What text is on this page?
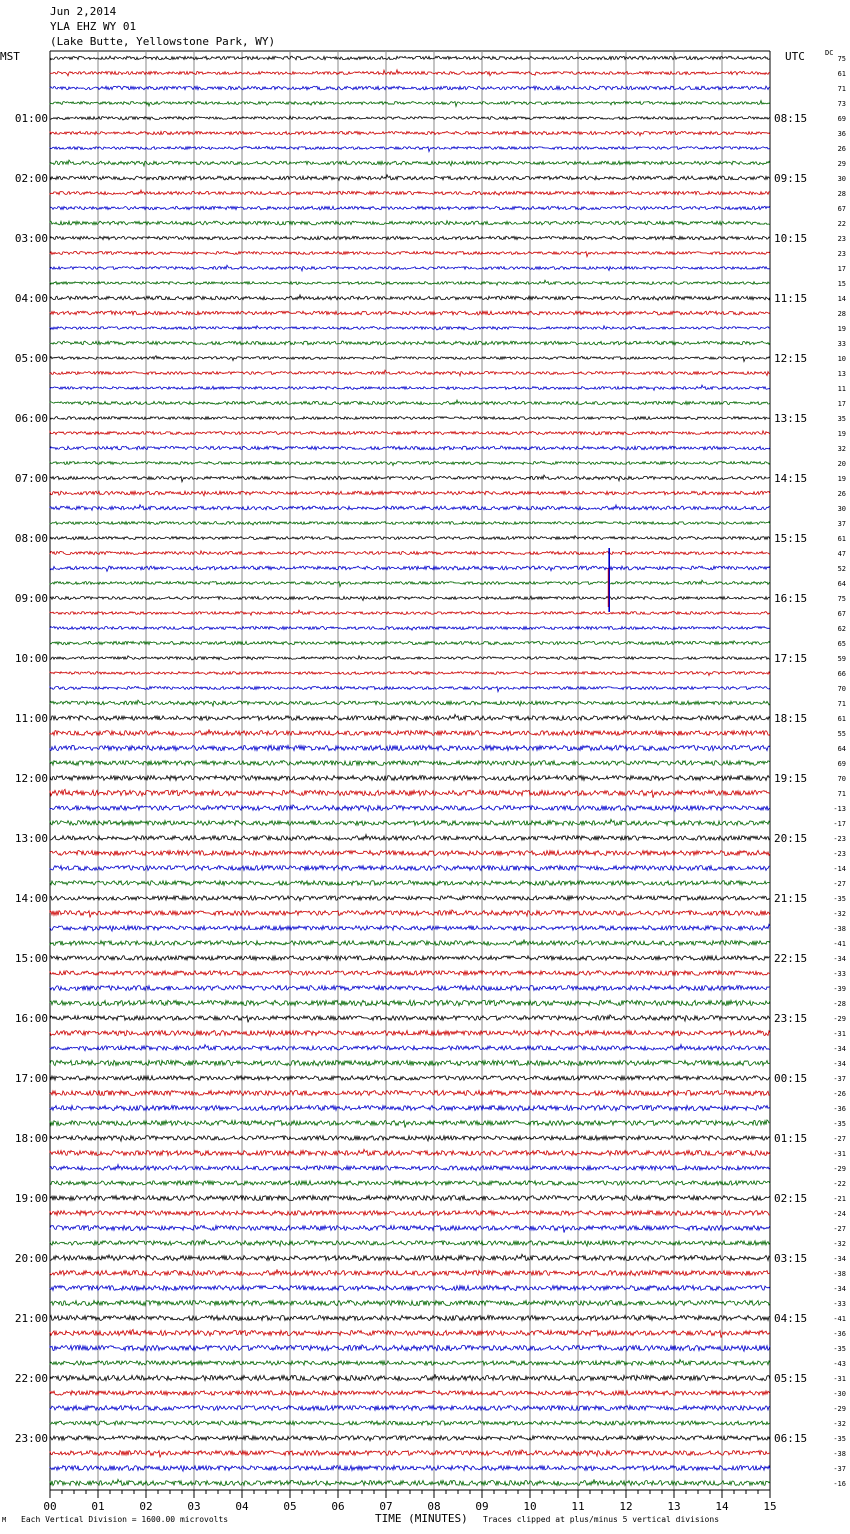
Jun 2,2014
YLA EHZ WY 01
(Lake Butte, Yellowstone Park, WY)
MST	UTC	DC
01:00
02:00
03:00
04:00
05:00
06:00
07:00
08:00
09:00
10:00
11:00
12:00
13:00
14:00
15:00
16:00
17:00
18:00
19:00
20:00
21:00
22:00
23:00
08:15
09:15
10:15
11:15
12:15
13:15
14:15
15:15
16:15
17:15
18:15
19:15
20:15
21:15
22:15
23:15
00:15
01:15
02:15
03:15
04:15
05:15
06:15
75
61
71
73
69
36
26
29
30
28
67
22
23
23
17
15
14
28
19
33
10
13
11
17
35
19
32
20
19
26
30
37
61
47
52
64
75
67
62
65
59
66
70
71
61
55
64
69
70
71
-13
-17
-23
-23
-14
-27
-35
-32
-38
-41
-34
-33
-39
-28
-29
-31
-34
-34
-37
-26
-36
-35
-27
-31
-29
-22
-21
-24
-27
-32
-34
-38
-34
-33
-41
-36
-35
-43
-31
-30
-29
-32
-35
-38
-37
-16
00	01	02	03	04	05	06	07	08	09	10	11	12	13	14	15
TIME (MINUTES)
M Each Vertical Division = 1600.00 microvolts	Traces clipped at plus/minus 5 vertical divisions
